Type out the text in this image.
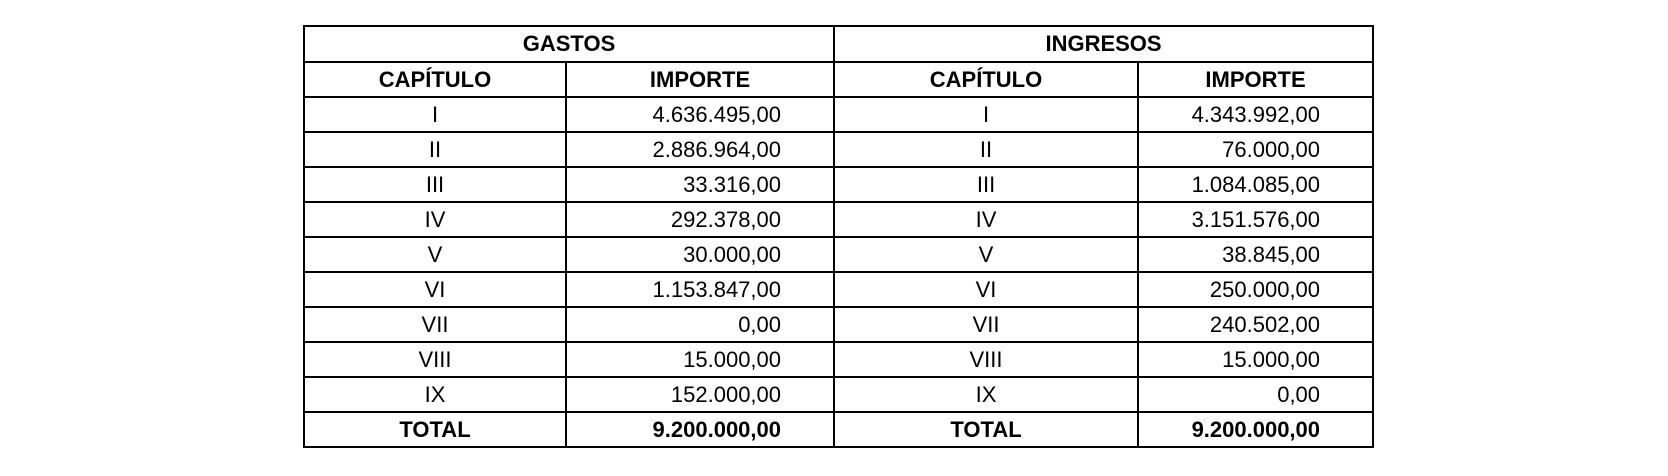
GASTOS		INGRESOS	
CAPÍTULO	IMPORTE	CAPÍTULO	IMPORTE
I	4.636.495,00	I	4.343.992,00
II	2.886.964,00	II	76.000,00
III	33.316,00	III	1.084.085,00
IV	292.378,00	IV	3.151.576,00
V	30.000,00	V	38.845,00
VI	1.153.847,00	VI	250.000,00
VII	0,00	VII	240.502,00
VIII	15.000,00	VIII	15.000,00
IX	152.000,00	IX	0,00
TOTAL	9.200.000,00	TOTAL	9.200.000,00
